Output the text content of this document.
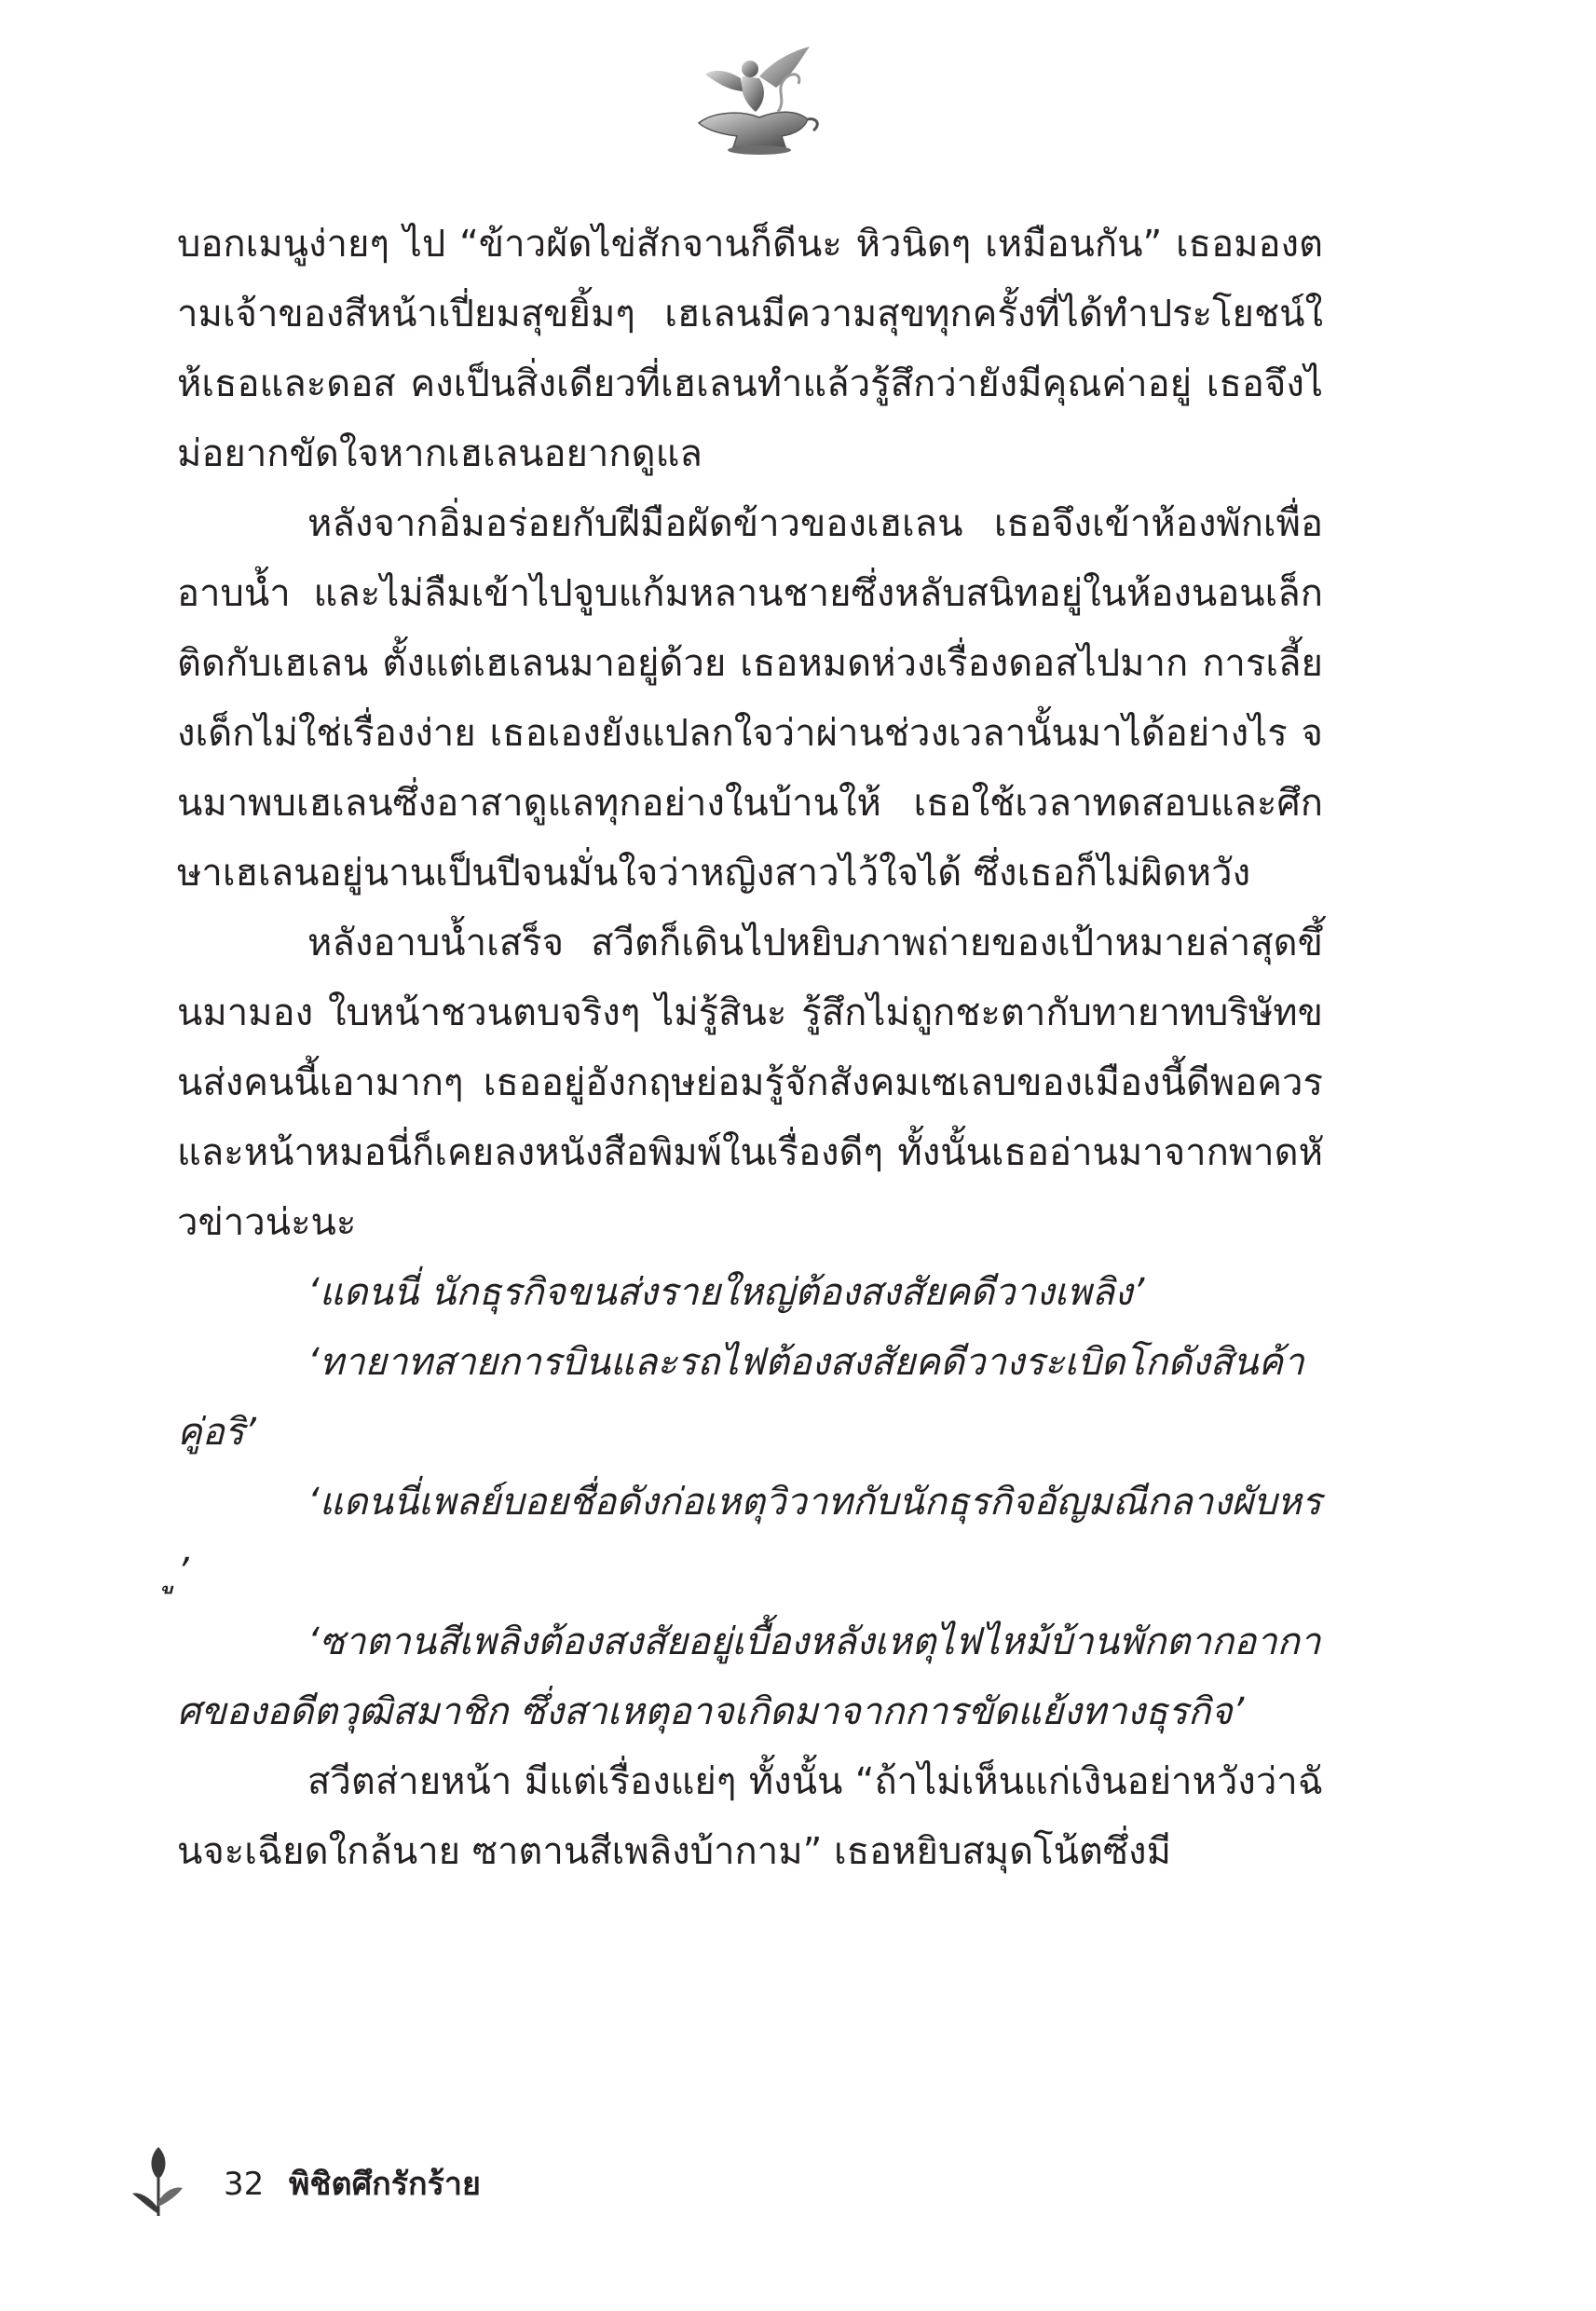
บอกเมนูง่ายๆ ไป “ข้าวผัดไข่สักจานก็ดีนะ หิวนิดๆ เหมือนกัน” เธอมองตามเจ้าของสีหน้าเปี่ยมสุขยิ้มๆ เฮเลนมีความสุขทุกครั้งที่ได้ทำประโยชน์ให้เธอและดอส คงเป็นสิ่งเดียวที่เฮเลนทำแล้วรู้สึกว่ายังมีคุณค่าอยู่ เธอจึงไม่อยากขัดใจหากเฮเลนอยากดูแล

หลังจากอิ่มอร่อยกับฝีมือผัดข้าวของเฮเลน เธอจึงเข้าห้องพักเพื่ออาบน้ำ และไม่ลืมเข้าไปจูบแก้มหลานชายซึ่งหลับสนิทอยู่ในห้องนอนเล็กติดกับเฮเลน ตั้งแต่เฮเลนมาอยู่ด้วย เธอหมดห่วงเรื่องดอสไปมาก การเลี้ยงเด็กไม่ใช่เรื่องง่าย เธอเองยังแปลกใจว่าผ่านช่วงเวลานั้นมาได้อย่างไร จนมาพบเฮเลนซึ่งอาสาดูแลทุกอย่างในบ้านให้ เธอใช้เวลาทดสอบและศึกษาเฮเลนอยู่นานเป็นปีจนมั่นใจว่าหญิงสาวไว้ใจได้ ซึ่งเธอก็ไม่ผิดหวัง

หลังอาบน้ำเสร็จ สวีตก็เดินไปหยิบภาพถ่ายของเป้าหมายล่าสุดขึ้นมามอง ใบหน้าชวนตบจริงๆ ไม่รู้สินะ รู้สึกไม่ถูกชะตากับทายาทบริษัทขนส่งคนนี้เอามากๆ เธออยู่อังกฤษย่อมรู้จักสังคมเซเลบของเมืองนี้ดีพอควร และหน้าหมอนี่ก็เคยลงหนังสือพิมพ์ในเรื่องดีๆ ทั้งนั้นเธออ่านมาจากพาดหัวข่าวน่ะนะ

‘แดนนี่ นักธุรกิจขนส่งรายใหญ่ต้องสงสัยคดีวางเพลิง’

‘ทายาทสายการบินและรถไฟต้องสงสัยคดีวางระเบิดโกดังสินค้าคู่อริ’

‘แดนนี่เพลย์บอยชื่อดังก่อเหตุวิวาทกับนักธุรกิจอัญมณีกลางผับหรู’

‘ซาตานสีเพลิงต้องสงสัยอยู่เบื้องหลังเหตุไฟไหม้บ้านพักตากอากาศของอดีตวุฒิสมาชิก ซึ่งสาเหตุอาจเกิดมาจากการขัดแย้งทางธุรกิจ’

สวีตส่ายหน้า มีแต่เรื่องแย่ๆ ทั้งนั้น “ถ้าไม่เห็นแก่เงินอย่าหวังว่าฉันจะเฉียดใกล้นาย ซาตานสีเพลิงบ้ากาม” เธอหยิบสมุดโน้ตซึ่งมี

32 พิชิตศึกรักร้าย
